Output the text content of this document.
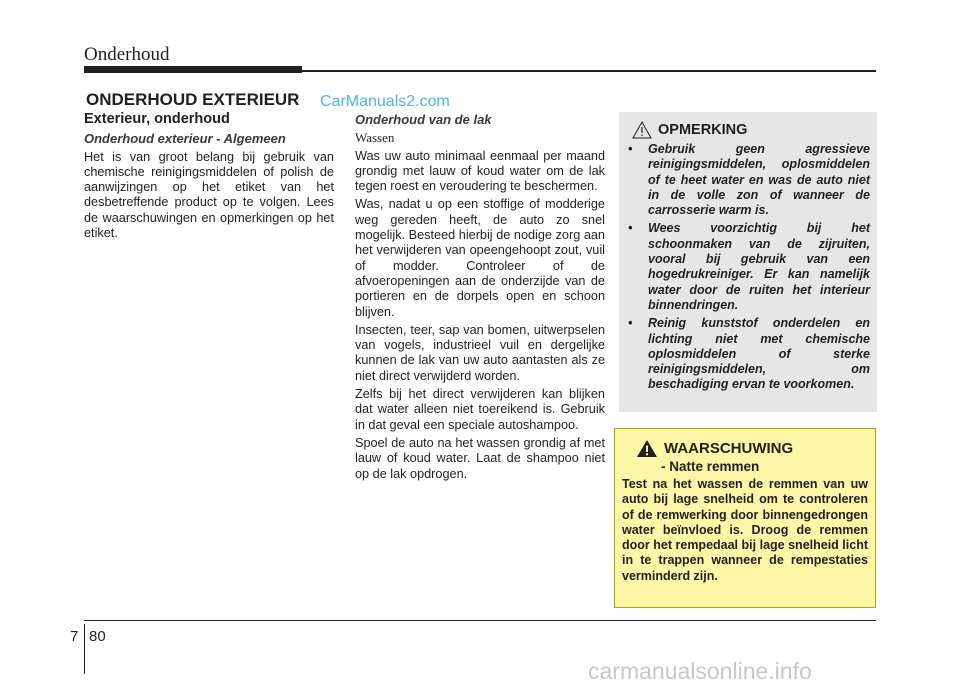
Onderhoud
ONDERHOUD EXTERIEUR CarManuals2.com
Exterieur, onderhoud
Onderhoud exterieur - Algemeen

Het is van groot belang bij gebruik van chemische reinigingsmiddelen of polish de aanwijzingen op het etiket van het desbetreffende product op te volgen. Lees de waarschuwingen en opmerkingen op het etiket.

Onderhoud van de lak
Wassen

Was uw auto minimaal eenmaal per maand grondig met lauw of koud water om de lak tegen roest en veroudering te beschermen.

Was, nadat u op een stoffige of modderige weg gereden heeft, de auto zo snel mogelijk. Besteed hierbij de nodige zorg aan het verwijderen van opeengehoopt zout, vuil of modder. Controleer of de afvoeropeningen aan de onderzijde van de portieren en de dorpels open en schoon blijven.

Insecten, teer, sap van bomen, uitwerpselen van vogels, industrieel vuil en dergelijke kunnen de lak van uw auto aantasten als ze niet direct verwijderd worden.

Zelfs bij het direct verwijderen kan blijken dat water alleen niet toereikend is. Gebruik in dat geval een speciale autoshampoo.

Spoel de auto na het wassen grondig af met lauw of koud water. Laat de shampoo niet op de lak opdrogen.

OPMERKING
• Gebruik geen agressieve reinigingsmiddelen, oplosmiddelen of te heet water en was de auto niet in de volle zon of wanneer de carrosserie warm is.
• Wees voorzichtig bij het schoonmaken van de zijruiten, vooral bij gebruik van een hogedrukreiniger. Er kan namelijk water door de ruiten het interieur binnendringen.
• Reinig kunststof onderdelen en lichting niet met chemische oplosmiddelen of sterke reinigingsmiddelen, om beschadiging ervan te voorkomen.
WAARSCHUWING
- Natte remmen

Test na het wassen de remmen van uw auto bij lage snelheid om te controleren of de remwerking door binnengedrongen water beïnvloed is. Droog de remmen door het rempedaal bij lage snelheid licht in te trappen wanneer de rempestaties verminderd zijn.

7 80
carmanualsonline.info
